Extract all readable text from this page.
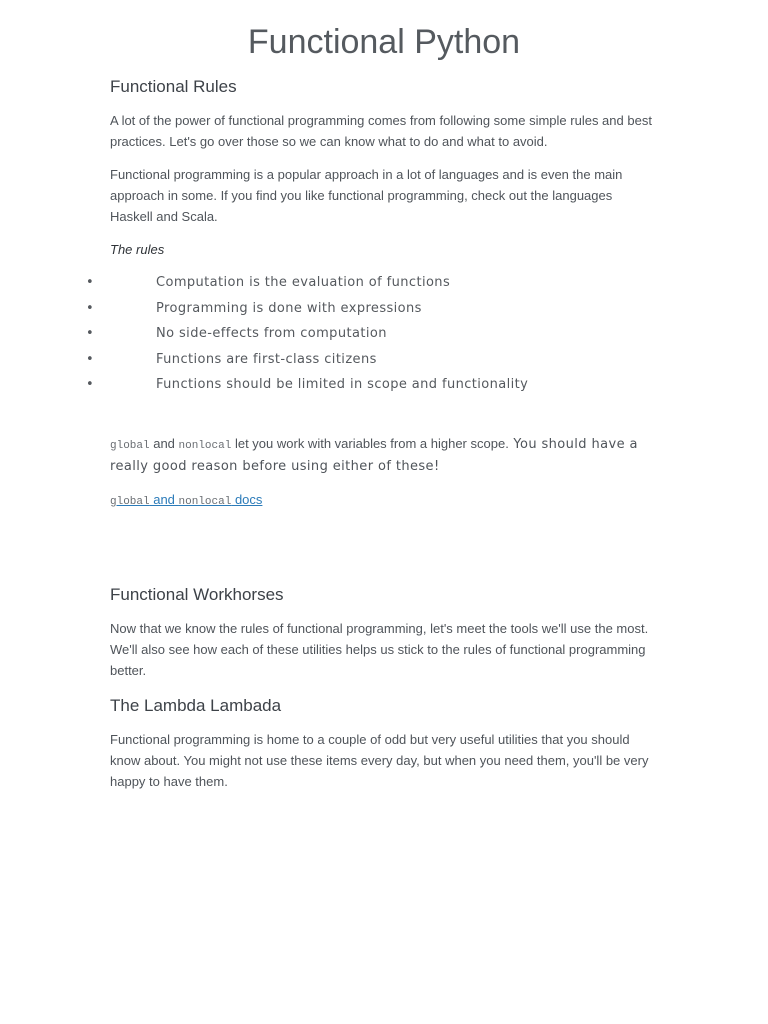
Functional Python
Functional Rules

A lot of the power of functional programming comes from following some simple rules and best practices. Let's go over those so we can know what to do and what to avoid.

Functional programming is a popular approach in a lot of languages and is even the main approach in some. If you find you like functional programming, check out the languages Haskell and Scala.

The rules

•	Computation is the evaluation of functions
•	Programming is done with expressions
•	No side-effects from computation
•	Functions are first-class citizens
•	Functions should be limited in scope and functionality

global and nonlocal let you work with variables from a higher scope. You should have a really good reason before using either of these!

global and nonlocal docs

Functional Workhorses

Now that we know the rules of functional programming, let's meet the tools we'll use the most. We'll also see how each of these utilities helps us stick to the rules of functional programming better.

The Lambda Lambada

Functional programming is home to a couple of odd but very useful utilities that you should know about. You might not use these items every day, but when you need them, you'll be very happy to have them.
